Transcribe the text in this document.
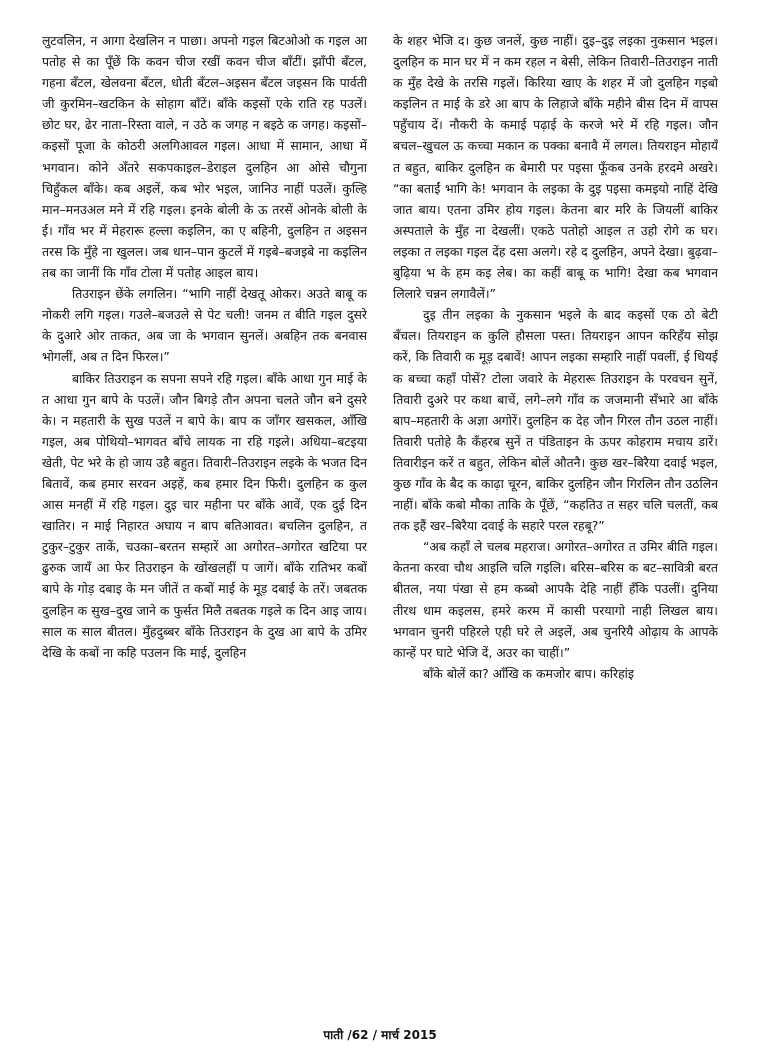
लुटवलिन, न आगा देखलिन न पाछा। अपनो गइल बिटओओ क गइल आ पतोह से का पूँछें कि कवन चीज रखीं कवन चीज बाँटीं। झाँपी बँटल, गहना बँटल, खेलवना बँटल, धोती बँटल–अइसन बँटल जइसन कि पार्वती जी कुरमिन–खटकिन के सोहाग बाँटें। बाँके कइसों एके राति रह पउलें। छोट घर, ढेर नाता–रिस्ता वाले, न उठे क जगह न बइठे क जगह। कइसों–कइसों पूजा के कोठरी अलगिआवल गइल। आधा में सामान, आधा में भगवान। कोने अँतरे सकपकाइल–डेराइल दुलहिन आ ओसे चौगुना चिहुँकल बाँके। कब अइलें, कब भोर भइल, जानिउ नाहीं पउलें। कुल्हि मान–मनउअल मने में रहि गइल। इनके बोली के ऊ तरसें ओनके बोली के ई। गाँव भर में मेहरारू हल्ला कइलिन, का ए बहिनी, दुलहिन त अइसन तरस कि मुँहे ना खुलल। जब धान–पान कुटलें में गइबे–बजइबे ना कइलिन तब का जानीं कि गाँव टोला में पतोह आइल बाय।

तिउराइन छेंके लगलिन। “भागि नाहीं देखतू ओकर। अउते बाबू क नोकरी लगि गइल। गउले–बजउले से पेट चली! जनम त बीति गइल दुसरे के दुआरे ओर ताकत, अब जा के भगवान सुनलें। अबहिन तक बनवास भोगलीं, अब त दिन फिरल।”

बाकिर तिउराइन क सपना सपने रहि गइल। बाँके आधा गुन माई के त आधा गुन बापे के पउलें। जौन बिगड़े तौन अपना चलते जौन बने दुसरे के। न महतारी के सुख पउलें न बापे के। बाप क जाँगर खसकल, आँखि गइल, अब पोथियो–भागवत बाँचे लायक ना रहि गइले। अधिया–बटइया खेती, पेट भरे के हो जाय उहै बहुत। तिवारी–तिउराइन लइके के भजत दिन बितावें, कब हमार सरवन अइहें, कब हमार दिन फिरी। दुलहिन क कुल आस मनहीं में रहि गइल। दुइ चार महीना पर बाँके आवें, एक दुई दिन खातिर। न माई निहारत अघाय न बाप बतिआवत। बचलिन दुलहिन, त टुकुर–टुकुर ताकें, चउका–बरतन सम्हारें आ अगोरत–अगोरत खटिया पर ढुरुक जायँ आ फेर तिउराइन के खोंखलहीं प जागें। बाँके रातिभर कबों बापे के गोड़ दबाइ के मन जीतें त कबों माई के मूड़ दबाई के तरें। जबतक दुलहिन क सुख–दुख जाने क फुर्सत मिलै तबतक गइले क दिन आइ जाय। साल क साल बीतल। मुँहदुब्बर बाँके तिउराइन के दुख आ बापे के उमिर देखि के कबों ना कहि पउलन कि माई, दुलहिन

के शहर भेजि द। कुछ जनलें, कुछ नाहीं। दुइ–दुइ लइका नुकसान भइल। दुलहिन क मान घर में न कम रहल न बेसी, लेकिन तिवारी–तिउराइन नाती क मुँह देखे के तरसि गइलें। किरिया खाए के शहर में जो दुलहिन गइबो कइलिन त माई के डरे आ बाप के लिहाजे बाँके महीने बीस दिन में वापस पहुँचाय दें। नौकरी के कमाई पढ़ाई के करजे भरे में रहि गइल। जौन बचल–खुचल ऊ कच्चा मकान क पक्का बनावै में लगल। तियराइन मोहायँ त बहुत, बाकिर दुलहिन क बेमारी पर पइसा फूँकब उनके हरदमे अखरे। “का बताईं भागि के! भगवान के लइका के दुइ पइसा कमइयो नाहिं देखि जात बाय। एतना उमिर होय गइल। केतना बार मरि के जियलीं बाकिर अस्पताले के मुँह ना देखलीं। एकठे पतोहो आइल त उहो रोगे क घर। लइका त लइका गइल देंह दसा अलगे। रहे द दुलहिन, अपने देखा। बुढ़वा–बुढ़िया भ के हम कइ लेब। का कहीं बाबू क भागि! देखा कब भगवान लिलारे चन्नन लगावैलें।”

दुइ तीन लइका के नुकसान भइले के बाद कइसों एक ठो बेटी बँचल। तियराइन क कुलि हौसला पस्त। तियराइन आपन करिहँय सोझ करें, कि तिवारी क मूड़ दबावें! आपन लइका सम्हारि नाहीं पवलीं, ई धियई क बच्चा कहाँ पोसें? टोला जवारे के मेहरारू तिउराइन के परवचन सुनें, तिवारी दुअरे पर कथा बाचें, लगे–लगे गाँव क जजमानी सँभारे आ बाँके बाप–महतारी के अज्ञा अगोरें। दुलहिन क देह जौन गिरल तौन उठल नाहीं। तिवारी पतोहे कै कँहरब सुनें त पंडिताइन के ऊपर कोहराम मचाय डारें। तिवारीइन करें त बहुत, लेकिन बोलें औतनै। कुछ खर–बिरैया दवाई भइल, कुछ गाँव के बैद क काढ़ा चूरन, बाकिर दुलहिन जौन गिरलिन तौन उठलिन नाहीं। बाँके कबो मौका ताकि के पूँछें, “कहतिउ त सहर चलि चलतीं, कब तक इहैं खर–बिरैया दवाई के सहारे परल रहबू?”

“अब कहाँ ले चलब महराज। अगोरत–अगोरत त उमिर बीति गइल। केतना करवा चौथ आइलि चलि गइलि। बरिस–बरिस क बट–सावित्री बरत बीतल, नया पंखा से हम कब्बो आपकै देहि नाहीं हँकि पउलीं। दुनिया तीरथ धाम कइलस, हमरे करम में कासी परयागो नाही लिखल बाय। भगवान चुनरी पहिरले एही घरे ले अइलें, अब चुनरियै ओढ़ाय के आपके कान्हें पर घाटे भेजि दें, अउर का चाहीं।”

बाँके बोलें का? आँखि क कमजोर बाप। करिहांइ

पाती /62 / मार्च 2015
